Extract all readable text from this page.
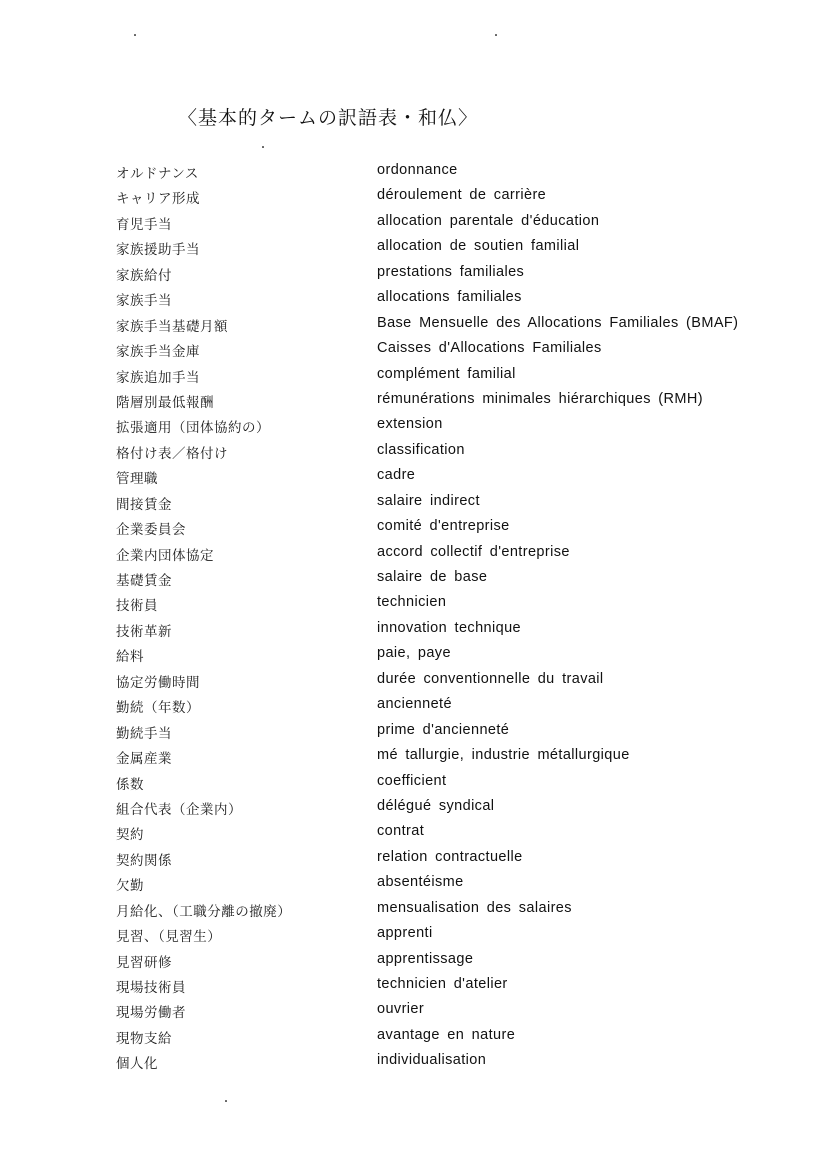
〈基本的タームの訳語表・和仏〉
オルドナンス	ordonnance
キャリア形成	déroulement de carrière
育児手当	allocation parentale d'éducation
家族援助手当	allocation de soutien familial
家族給付	prestations familiales
家族手当	allocations familiales
家族手当基礎月額	Base Mensuelle des Allocations Familiales (BMAF)
家族手当金庫	Caisses d'Allocations Familiales
家族追加手当	complément familial
階層別最低報酬	rémunérations minimales hiérarchiques (RMH)
拡張適用（団体協約の）	extension
格付け表／格付け	classification
管理職	cadre
間接賃金	salaire indirect
企業委員会	comité d'entreprise
企業内団体協定	accord collectif d'entreprise
基礎賃金	salaire de base
技術員	technicien
技術革新	innovation technique
給料	paie, paye
協定労働時間	durée conventionnelle du travail
勤続（年数）	ancienneté
勤続手当	prime d'ancienneté
金属産業	mé tallurgie, industrie métallurgique
係数	coefficient
組合代表（企業内）	délégué syndical
契約	contrat
契約関係	relation contractuelle
欠勤	absentéisme
月給化、（工職分離の撤廃）	mensualisation des salaires
見習、（見習生）	apprenti
見習研修	apprentissage
現場技術員	technicien d'atelier
現場労働者	ouvrier
現物支給	avantage en nature
個人化	individualisation
